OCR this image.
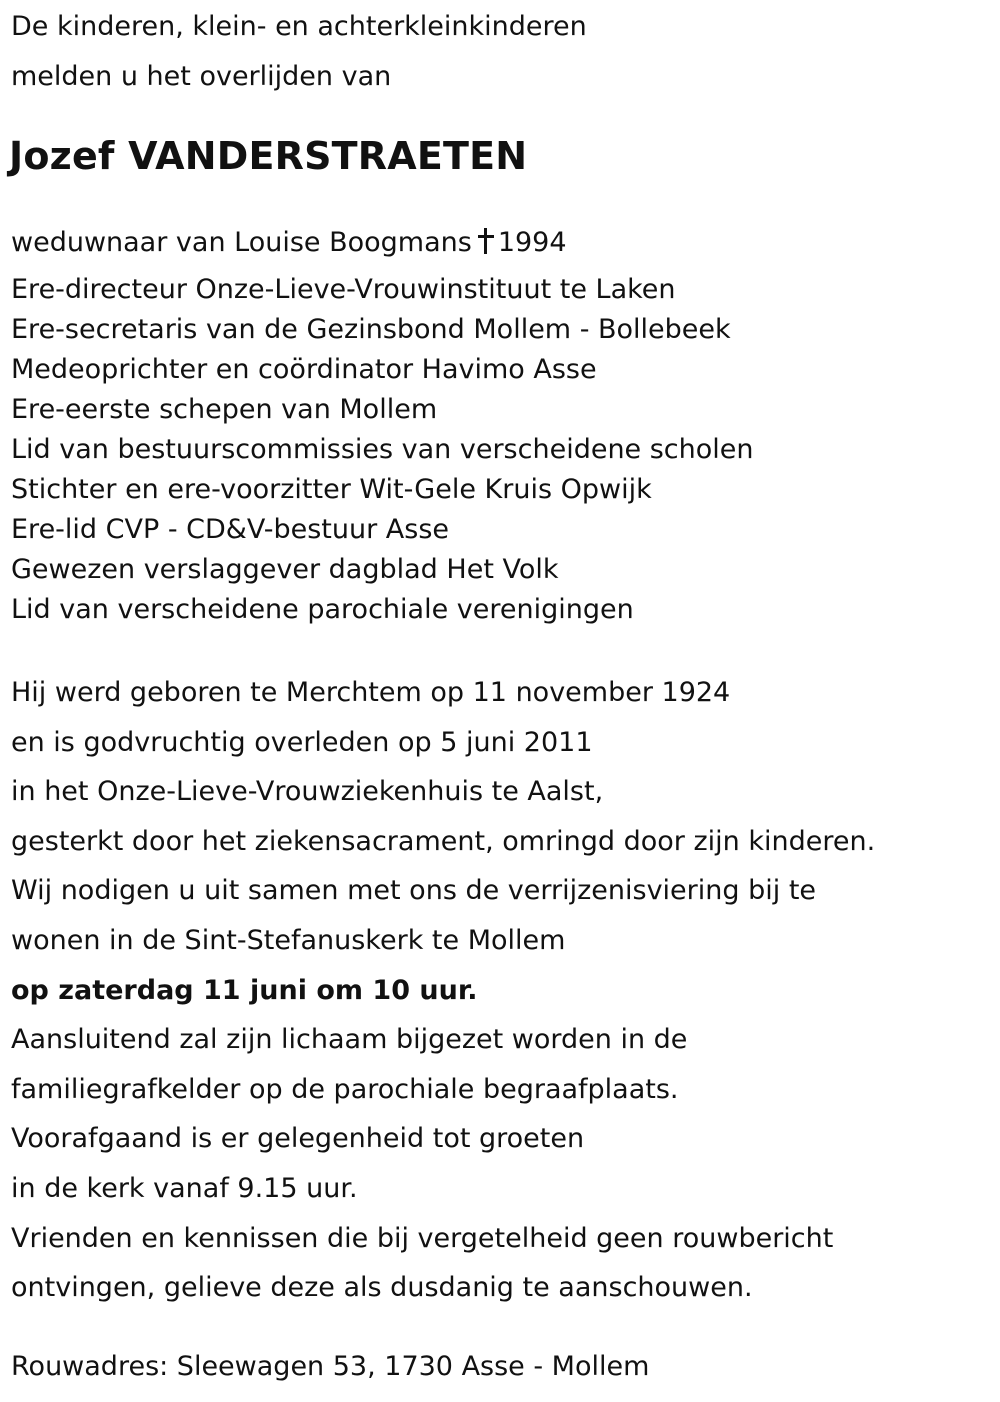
De kinderen, klein- en achterkleinkinderen
melden u het overlijden van
Jozef VANDERSTRAETEN
weduwnaar van Louise Boogmans 1994
Ere-directeur Onze-Lieve-Vrouwinstituut te Laken
Ere-secretaris van de Gezinsbond Mollem - Bollebeek
Medeoprichter en coördinator Havimo Asse
Ere-eerste schepen van Mollem
Lid van bestuurscommissies van verscheidene scholen
Stichter en ere-voorzitter Wit-Gele Kruis Opwijk
Ere-lid CVP - CD&V-bestuur Asse
Gewezen verslaggever dagblad Het Volk
Lid van verscheidene parochiale verenigingen
Hij werd geboren te Merchtem op 11 november 1924
en is godvruchtig overleden op 5 juni 2011
in het Onze-Lieve-Vrouwziekenhuis te Aalst,
gesterkt door het ziekensacrament, omringd door zijn kinderen.
Wij nodigen u uit samen met ons de verrijzenisviering bij te
wonen in de Sint-Stefanuskerk te Mollem
op zaterdag 11 juni om 10 uur.
Aansluitend zal zijn lichaam bijgezet worden in de
familiegrafkelder op de parochiale begraafplaats.
Voorafgaand is er gelegenheid tot groeten
in de kerk vanaf 9.15 uur.
Vrienden en kennissen die bij vergetelheid geen rouwbericht
ontvingen, gelieve deze als dusdanig te aanschouwen.
Rouwadres: Sleewagen 53, 1730 Asse - Mollem
